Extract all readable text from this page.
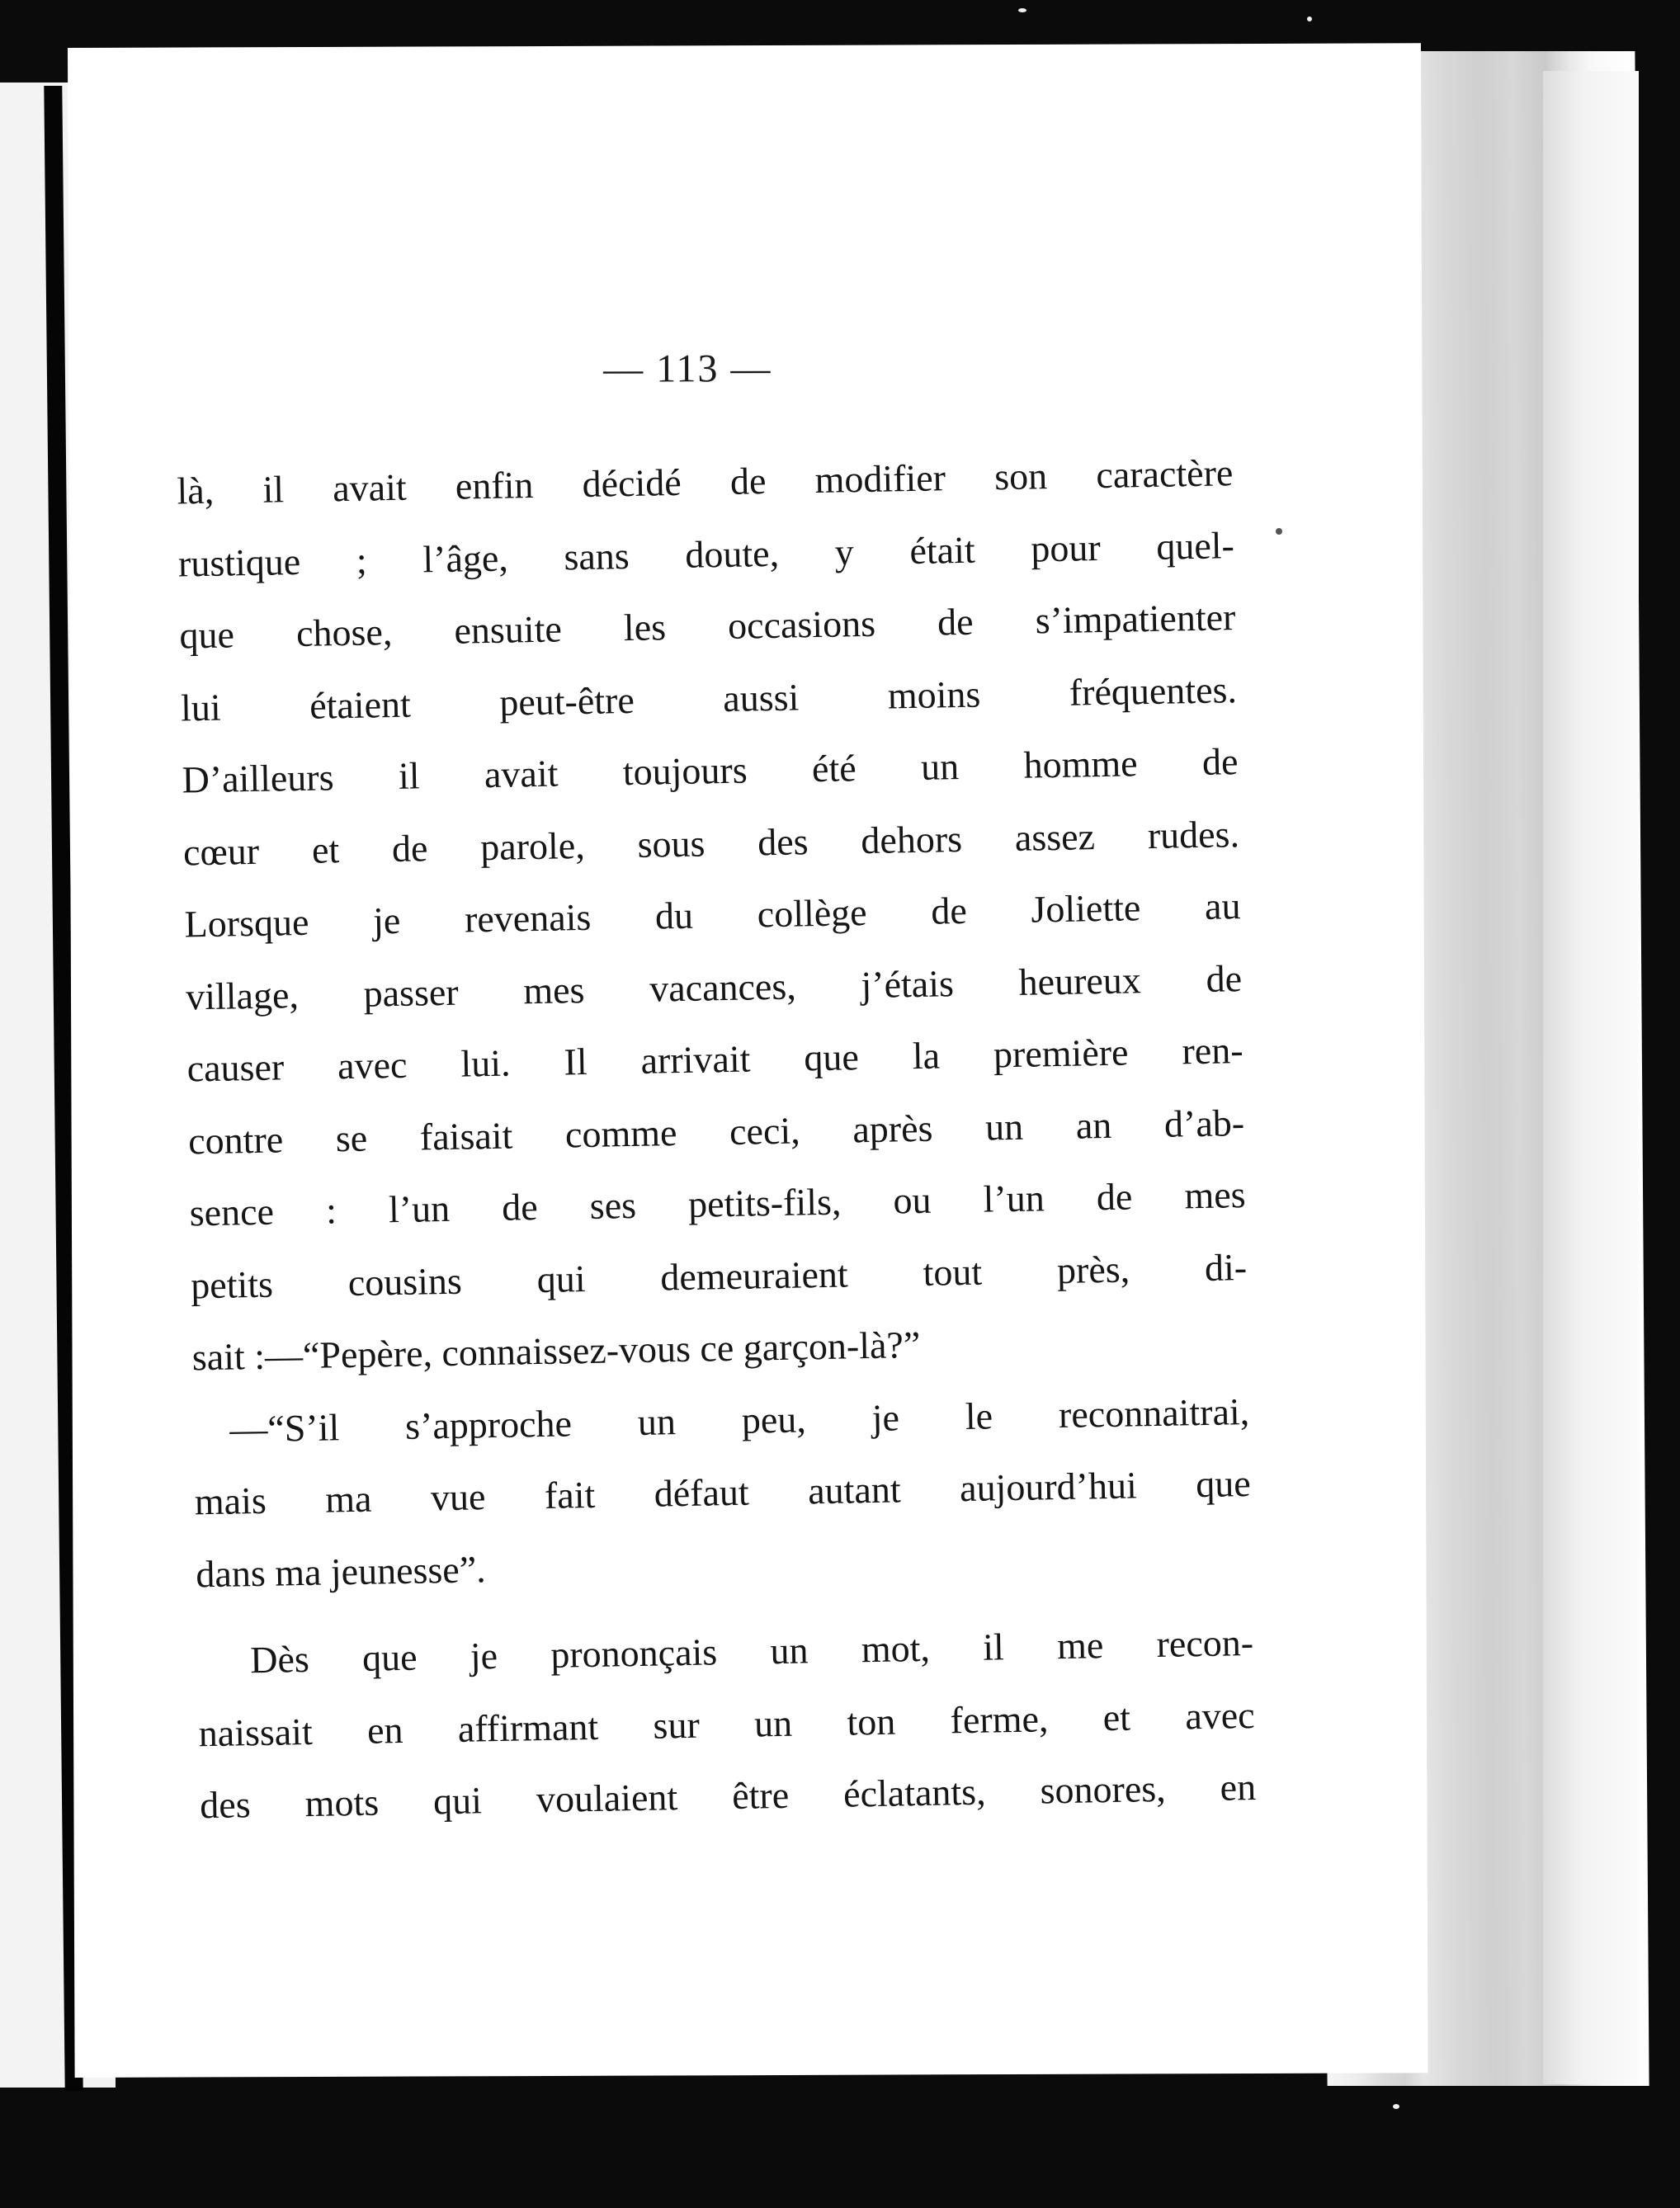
— 113 —
là, il avait enfin décidé de modifier son caractère
rustique ; l’âge, sans doute, y était pour quel-
que chose, ensuite les occasions de s’impatienter
lui étaient peut-être aussi moins fréquentes.
D’ailleurs il avait toujours été un homme de
cœur et de parole, sous des dehors assez rudes.
Lorsque je revenais du collège de Joliette au
village, passer mes vacances, j’étais heureux de
causer avec lui. Il arrivait que la première ren-
contre se faisait comme ceci, après un an d’ab-
sence : l’un de ses petits-fils, ou l’un de mes
petits cousins qui demeuraient tout près, di-
sait :—“Pepère, connaissez-vous ce garçon-là?”
—“S’il s’approche un peu, je le reconnaitrai,
mais ma vue fait défaut autant aujourd’hui que
dans ma jeunesse”.
Dès que je prononçais un mot, il me recon-
naissait en affirmant sur un ton ferme, et avec
des mots qui voulaient être éclatants, sonores, en
